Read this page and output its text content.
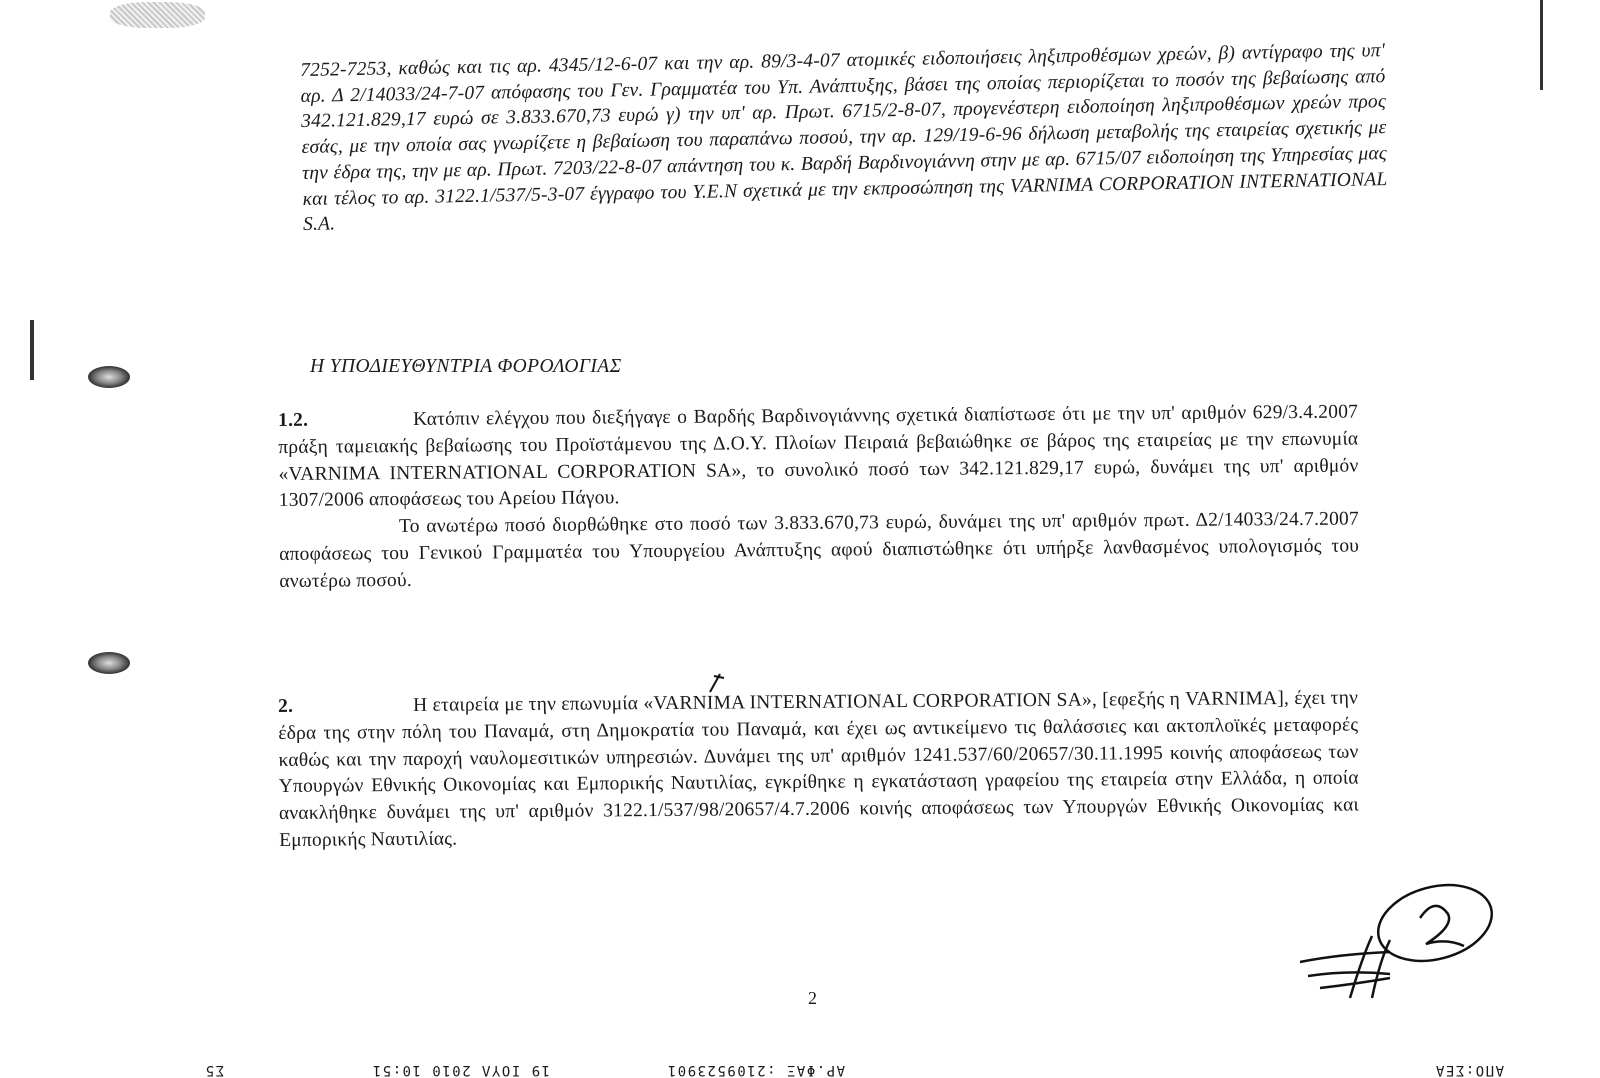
7252-7253, καθώς και τις αρ. 4345/12-6-07 και την αρ. 89/3-4-07 ατομικές ειδοποιήσεις ληξιπροθέσμων χρεών, β) αντίγραφο της υπ' αρ. Δ 2/14033/24-7-07 απόφασης του Γεν. Γραμματέα του Υπ. Ανάπτυξης, βάσει της οποίας περιορίζεται το ποσόν της βεβαίωσης από 342.121.829,17 ευρώ σε 3.833.670,73 ευρώ γ) την υπ' αρ. Πρωτ. 6715/2-8-07, προγενέστερη ειδοποίηση ληξιπροθέσμων χρεών προς εσάς, με την οποία σας γνωρίζετε η βεβαίωση του παραπάνω ποσού, την αρ. 129/19-6-96 δήλωση μεταβολής της εταιρείας σχετικής με την έδρα της, την με αρ. Πρωτ. 7203/22-8-07 απάντηση του κ. Βαρδή Βαρδινογιάννη στην με αρ. 6715/07 ειδοποίηση της Υπηρεσίας μας και τέλος το αρ. 3122.1/537/5-3-07 έγγραφο του Υ.Ε.Ν σχετικά με την εκπροσώπηση της VARNIMA CORPORATION INTERNATIONAL S.A.

Η ΥΠΟΔΙΕΥΘΥΝΤΡΙΑ ΦΟΡΟΛΟΓΙΑΣ

1.2.	Κατόπιν ελέγχου που διεξήγαγε ο Βαρδής Βαρδινογιάννης σχετικά διαπίστωσε ότι με την υπ' αριθμόν 629/3.4.2007 πράξη ταμειακής βεβαίωσης του Προϊστάμενου της Δ.Ο.Υ. Πλοίων Πειραιά βεβαιώθηκε σε βάρος της εταιρείας με την επωνυμία «VARNIMA INTERNATIONAL CORPORATION SA», το συνολικό ποσό των 342.121.829,17 ευρώ, δυνάμει της υπ' αριθμόν 1307/2006 αποφάσεως του Αρείου Πάγου.

Το ανωτέρω ποσό διορθώθηκε στο ποσό των 3.833.670,73 ευρώ, δυνάμει της υπ' αριθμόν πρωτ. Δ2/14033/24.7.2007 αποφάσεως του Γενικού Γραμματέα του Υπουργείου Ανάπτυξης αφού διαπιστώθηκε ότι υπήρξε λανθασμένος υπολογισμός του ανωτέρω ποσού.

2.	Η εταιρεία με την επωνυμία «VARNIMA INTERNATIONAL CORPORATION SA», [εφεξής η VARNIMA], έχει την έδρα της στην πόλη του Παναμά, στη Δημοκρατία του Παναμά, και έχει ως αντικείμενο τις θαλάσσιες και ακτοπλοϊκές μεταφορές καθώς και την παροχή ναυλομεσιτικών υπηρεσιών. Δυνάμει της υπ' αριθμόν 1241.537/60/20657/30.11.1995 κοινής αποφάσεως των Υπουργών Εθνικής Οικονομίας και Εμπορικής Ναυτιλίας, εγκρίθηκε η εγκατάσταση γραφείου της εταιρεία στην Ελλάδα, η οποία ανακλήθηκε δυνάμει της υπ' αριθμόν 3122.1/537/98/20657/4.7.2006 κοινής αποφάσεως των Υπουργών Εθνικής Οικονομίας και Εμπορικής Ναυτιλίας.

2
ΑΠΟ:ΣΕΑ
ΑΡ.ΦΑΞ :2109523901
19 ΙΟΥΛ 2010 10:51
Σ5
